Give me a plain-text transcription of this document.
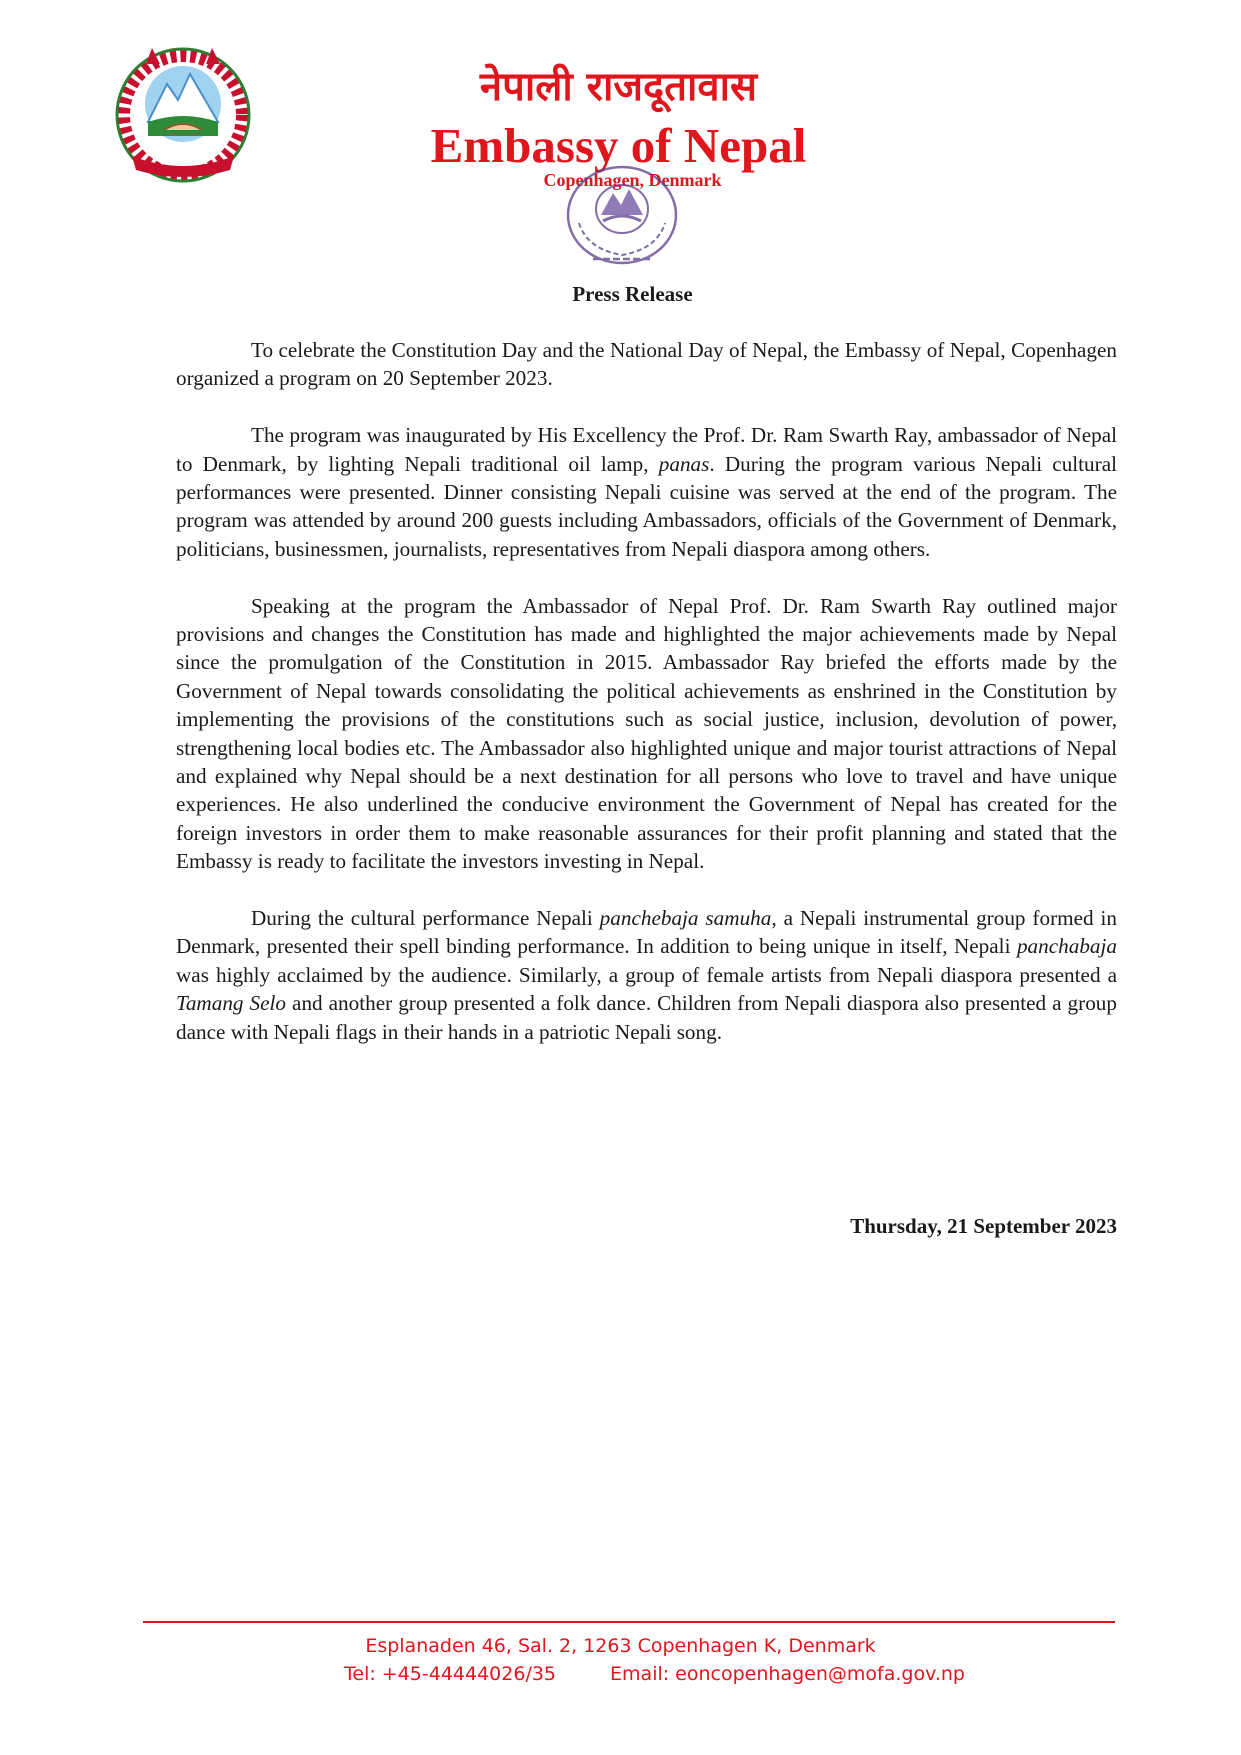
नेपाली राजदूतावास
Embassy of Nepal
Copenhagen, Denmark
Press Release

To celebrate the Constitution Day and the National Day of Nepal, the Embassy of Nepal, Copenhagen organized a program on 20 September 2023.

The program was inaugurated by His Excellency the Prof. Dr. Ram Swarth Ray, ambassador of Nepal to Denmark, by lighting Nepali traditional oil lamp, panas. During the program various Nepali cultural performances were presented. Dinner consisting Nepali cuisine was served at the end of the program. The program was attended by around 200 guests including Ambassadors, officials of the Government of Denmark, politicians, businessmen, journalists, representatives from Nepali diaspora among others.

Speaking at the program the Ambassador of Nepal Prof. Dr. Ram Swarth Ray outlined major provisions and changes the Constitution has made and highlighted the major achievements made by Nepal since the promulgation of the Constitution in 2015. Ambassador Ray briefed the efforts made by the Government of Nepal towards consolidating the political achievements as enshrined in the Constitution by implementing the provisions of the constitutions such as social justice, inclusion, devolution of power, strengthening local bodies etc. The Ambassador also highlighted unique and major tourist attractions of Nepal and explained why Nepal should be a next destination for all persons who love to travel and have unique experiences. He also underlined the conducive environment the Government of Nepal has created for the foreign investors in order them to make reasonable assurances for their profit planning and stated that the Embassy is ready to facilitate the investors investing in Nepal.

During the cultural performance Nepali panchebaja samuha, a Nepali instrumental group formed in Denmark, presented their spell binding performance. In addition to being unique in itself, Nepali panchabaja was highly acclaimed by the audience. Similarly, a group of female artists from Nepali diaspora presented a Tamang Selo and another group presented a folk dance. Children from Nepali diaspora also presented a group dance with Nepali flags in their hands in a patriotic Nepali song.

Thursday, 21 September 2023
Esplanaden 46, Sal. 2, 1263 Copenhagen K, Denmark
Tel: +45-44444026/35	Email: eoncopenhagen@mofa.gov.np
